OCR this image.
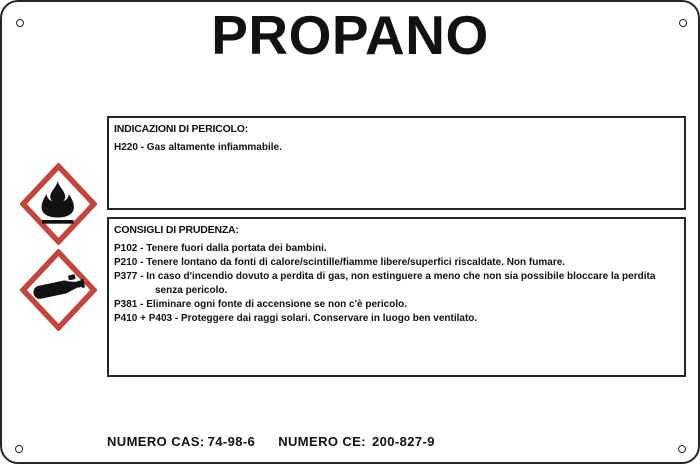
PROPANO
INDICAZIONI DI PERICOLO:
H220 - Gas altamente infiammabile.
CONSIGLI DI PRUDENZA:
P102 - Tenere fuori dalla portata dei bambini.
P210 - Tenere lontano da fonti di calore/scintille/fiamme libere/superfici riscaldate. Non fumare.
P377 - In caso d'incendio dovuto a perdita di gas, non estinguere a meno che non sia possibile bloccare la perdita senza pericolo.
P381 - Eliminare ogni fonte di accensione se non c'è pericolo.
P410 + P403 - Proteggere dai raggi solari. Conservare in luogo ben ventilato.
NUMERO CAS: 74-98-6 NUMERO CE: 200-827-9
